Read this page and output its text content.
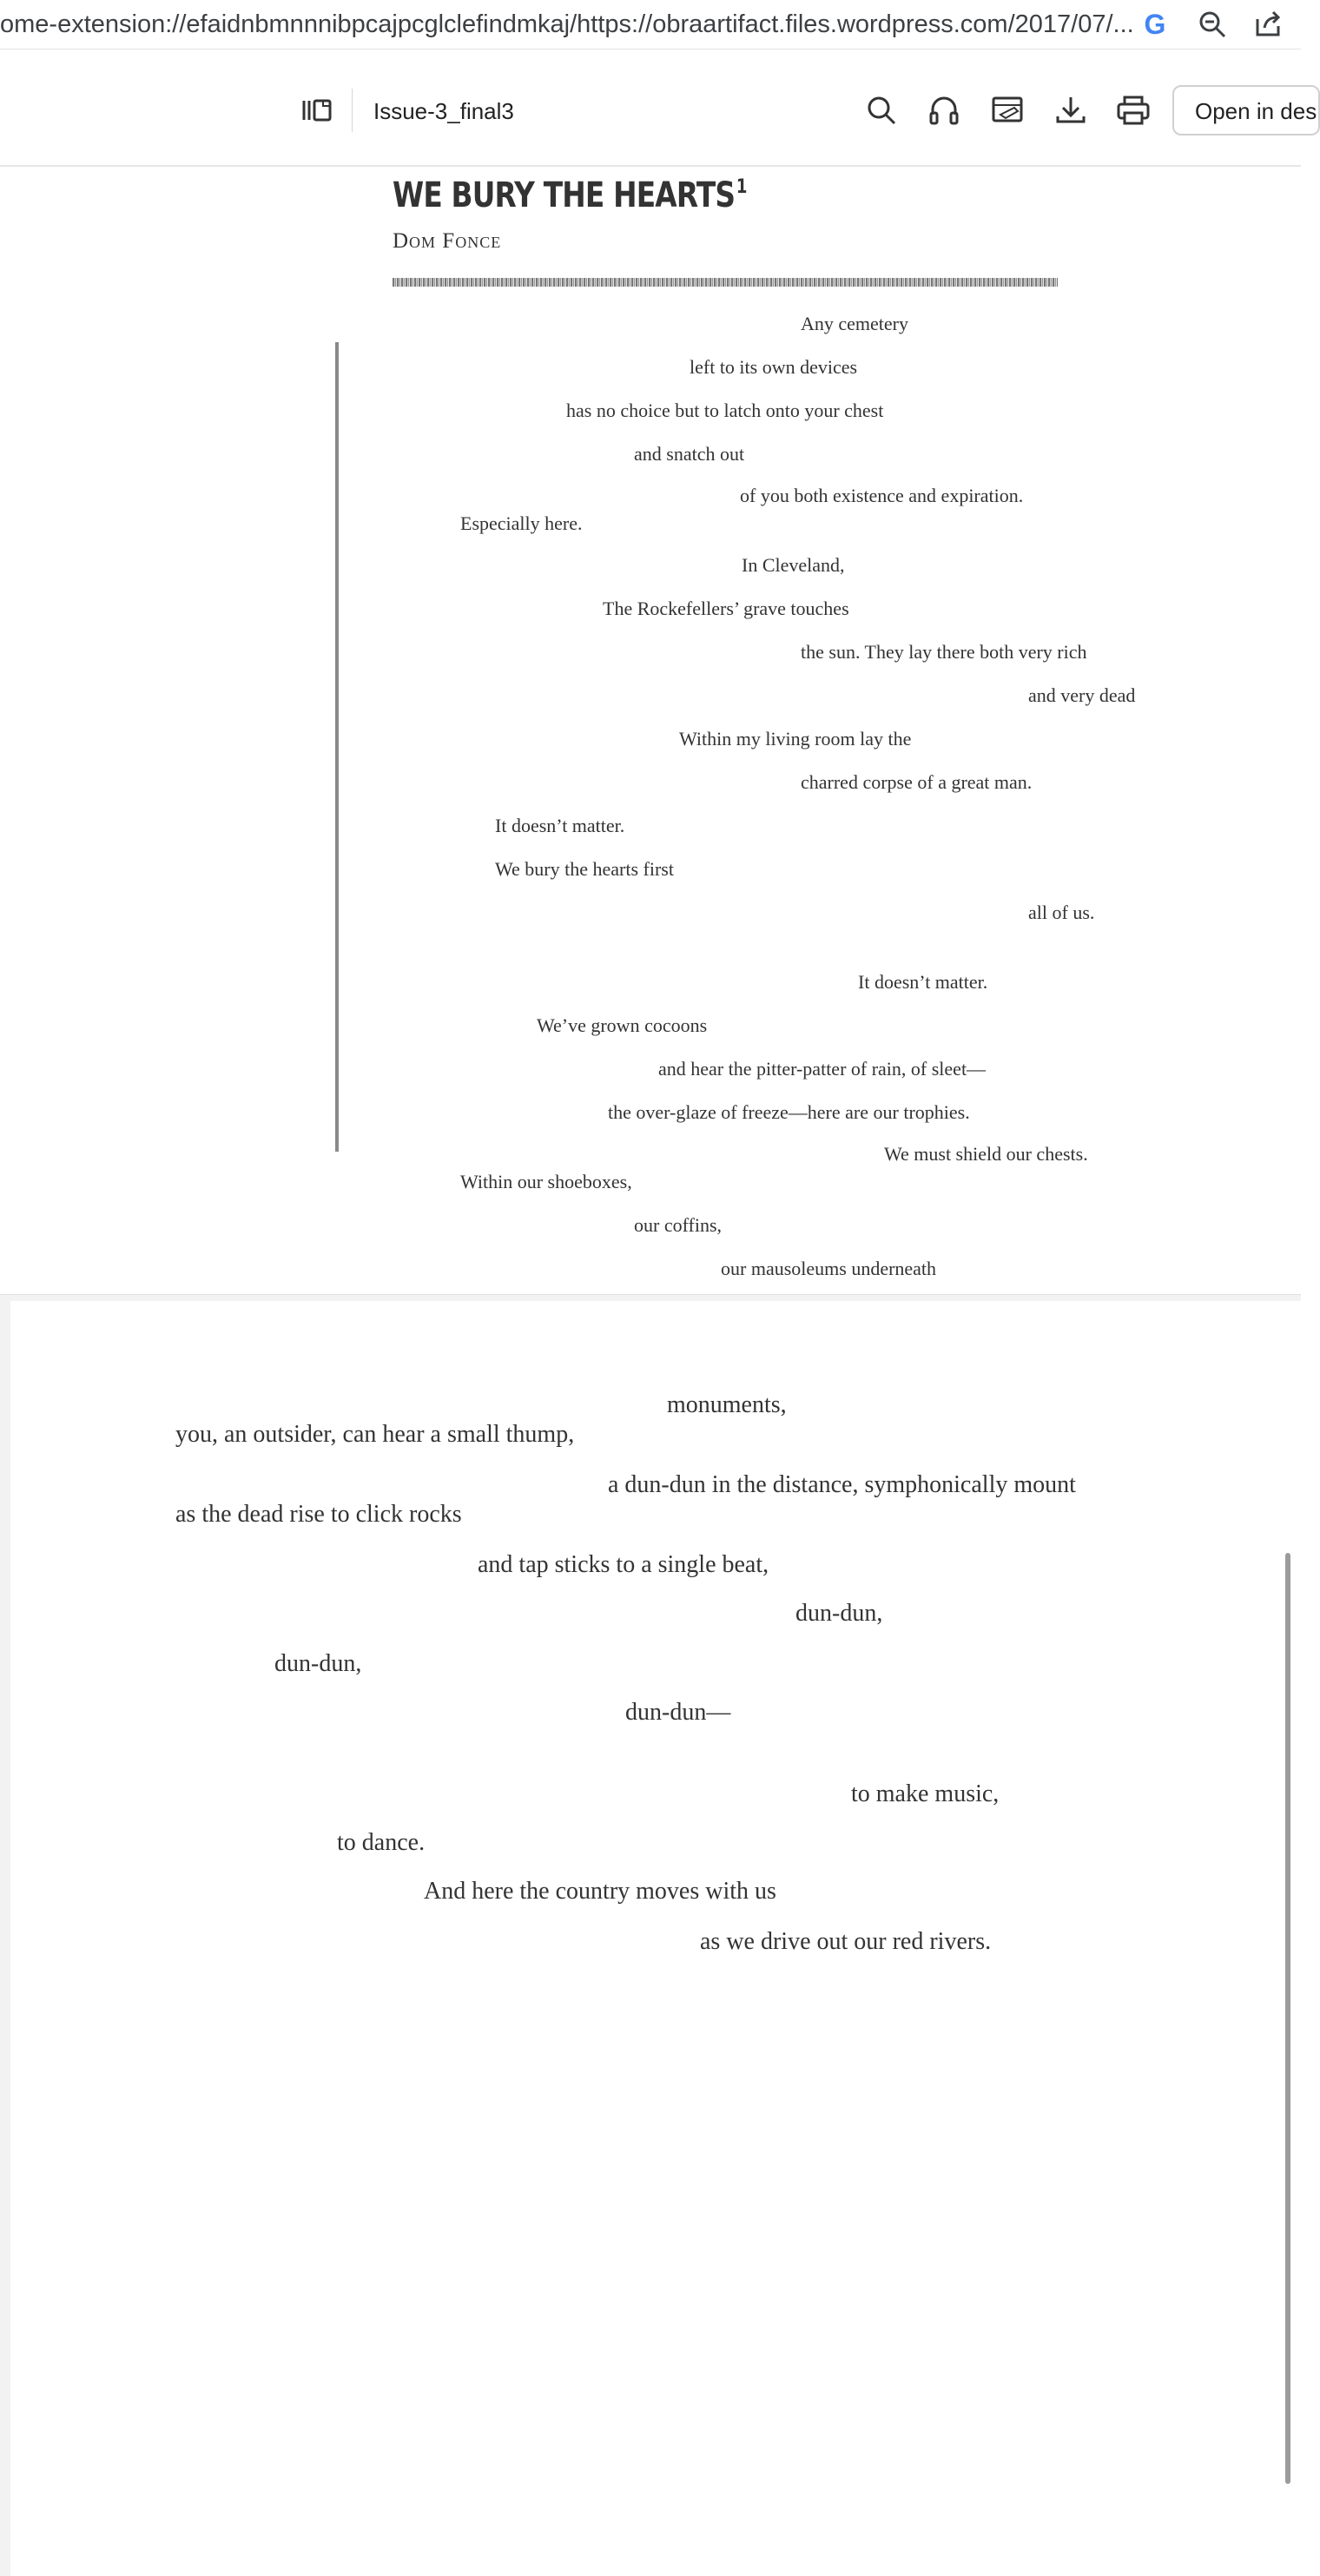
ome-extension://efaidnbmnnnibpcajpcglclefindmkaj/https://obraartifact.files.wordpress.com/2017/07/... G
Issue-3_final3	Open in des
WE BURY THE HEARTS$^1$
Dom Fonce
Any cemetery
left to its own devices
has no choice but to latch onto your chest
and snatch out
of you both existence and expiration.
Especially here.
In Cleveland,
The Rockefellers’ grave touches
the sun. They lay there both very rich
and very dead
Within my living room lay the
charred corpse of a great man.
It doesn’t matter.
We bury the hearts first
all of us.
It doesn’t matter.
We’ve grown cocoons
and hear the pitter-patter of rain, of sleet—
the over-glaze of freeze—here are our trophies.
We must shield our chests.
Within our shoeboxes,
our coffins,
our mausoleums underneath
monuments,
you, an outsider, can hear a small thump,
a dun-dun in the distance, symphonically mount
as the dead rise to click rocks
and tap sticks to a single beat,
dun-dun,
dun-dun,
dun-dun—
to make music,
to dance.
And here the country moves with us
as we drive out our red rivers.
